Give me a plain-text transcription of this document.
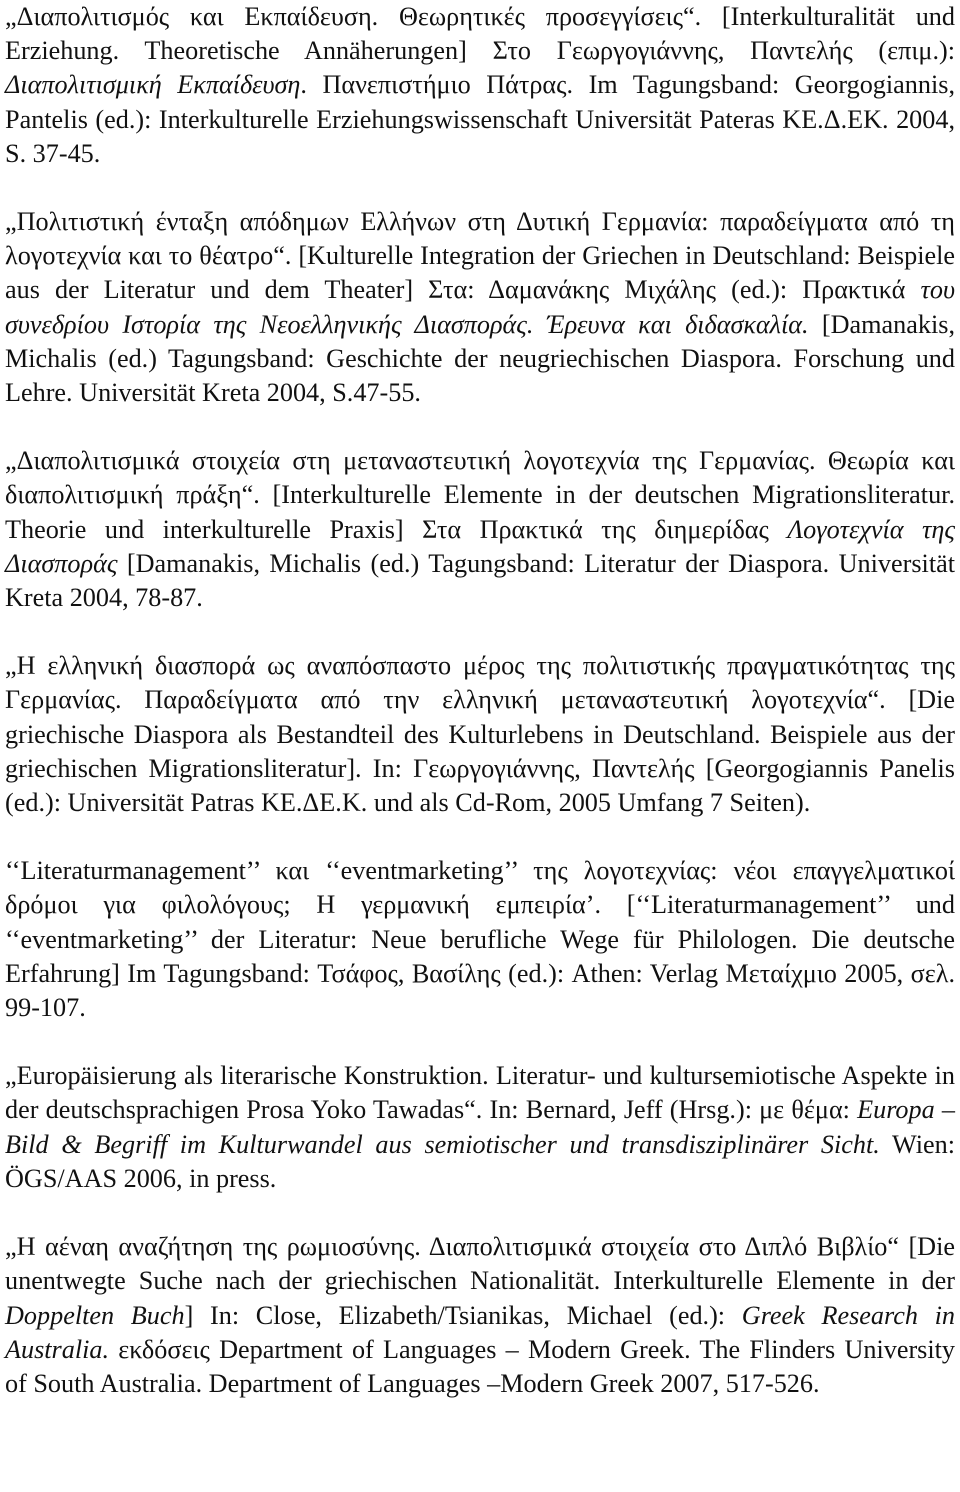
„Διαπολιτισμός και Εκπαίδευση. Θεωρητικές προσεγγίσεις“. [Interkulturalität und Erziehung. Theoretische Annäherungen] Στο Γεωργογιάννης, Παντελής (επιμ.): Διαπολιτισμική Εκπαίδευση. Πανεπιστήμιο Πάτρας. Im Tagungsband: Georgogiannis, Pantelis (ed.): Interkulturelle Erziehungswissenschaft Universität Pateras ΚΕ.Δ.ΕΚ. 2004, S. 37-45.

„Πολιτιστική ένταξη απόδημων Ελλήνων στη Δυτική Γερμανία: παραδείγματα από τη λογοτεχνία και το θέατρο“. [Kulturelle Integration der Griechen in Deutschland: Beispiele aus der Literatur und dem Theater] Στα: Δαμανάκης Μιχάλης (ed.): Πρακτικά του συνεδρίου Ιστορία της Νεοελληνικής Διασποράς. Έρευνα και διδασκαλία. [Damanakis, Michalis (ed.) Tagungsband: Geschichte der neugriechischen Diaspora. Forschung und Lehre. Universität Kreta 2004, S.47-55.

„Διαπολιτισμικά στοιχεία στη μεταναστευτική λογοτεχνία της Γερμανίας. Θεωρία και διαπολιτισμική πράξη“. [Interkulturelle Elemente in der deutschen Migrationsliteratur. Theorie und interkulturelle Praxis] Στα Πρακτικά της διημερίδας Λογοτεχνία της Διασποράς [Damanakis, Michalis (ed.) Tagungsband: Literatur der Diaspora. Universität Kreta 2004, 78-87.

„Η ελληνική διασπορά ως αναπόσπαστο μέρος της πολιτιστικής πραγματικότητας της Γερμανίας. Παραδείγματα από την ελληνική μεταναστευτική λογοτεχνία“. [Die griechische Diaspora als Bestandteil des Kulturlebens in Deutschland. Beispiele aus der griechischen Migrationsliteratur]. In: Γεωργογιάννης, Παντελής [Georgogiannis Panelis (ed.): Universität Patras ΚΕ.ΔΕ.Κ. und als Cd-Rom, 2005 Umfang 7 Seiten).

‘‘Literaturmanagement’’ και ‘‘eventmarketing’’ της λογοτεχνίας: νέοι επαγγελματικοί δρόμοι για φιλολόγους; Η γερμανική εμπειρία’. [‘‘Literaturmanagement’’ und ‘‘eventmarketing’’ der Literatur: Neue berufliche Wege für Philologen. Die deutsche Erfahrung] Im Tagungsband: Τσάφος, Βασίλης (ed.): Athen: Verlag Μεταίχμιο 2005, σελ. 99-107.

„Europäisierung als literarische Konstruktion. Literatur- und kultursemiotische Aspekte in der deutschsprachigen Prosa Yoko Tawadas“. In: Bernard, Jeff (Hrsg.): με θέμα: Europa – Bild & Begriff im Kulturwandel aus semiotischer und transdisziplinärer Sicht. Wien: ÖGS/AAS 2006, in press.

„Η αέναη αναζήτηση της ρωμιοσύνης. Διαπολιτισμικά στοιχεία στο Διπλό Βιβλίο“ [Die unentwegte Suche nach der griechischen Nationalität. Interkulturelle Elemente in der Doppelten Buch] In: Close, Elizabeth/Tsianikas, Michael (ed.): Greek Research in Australia. εκδόσεις Department of Languages – Modern Greek. The Flinders University of South Australia. Department of Languages –Modern Greek 2007, 517-526.
